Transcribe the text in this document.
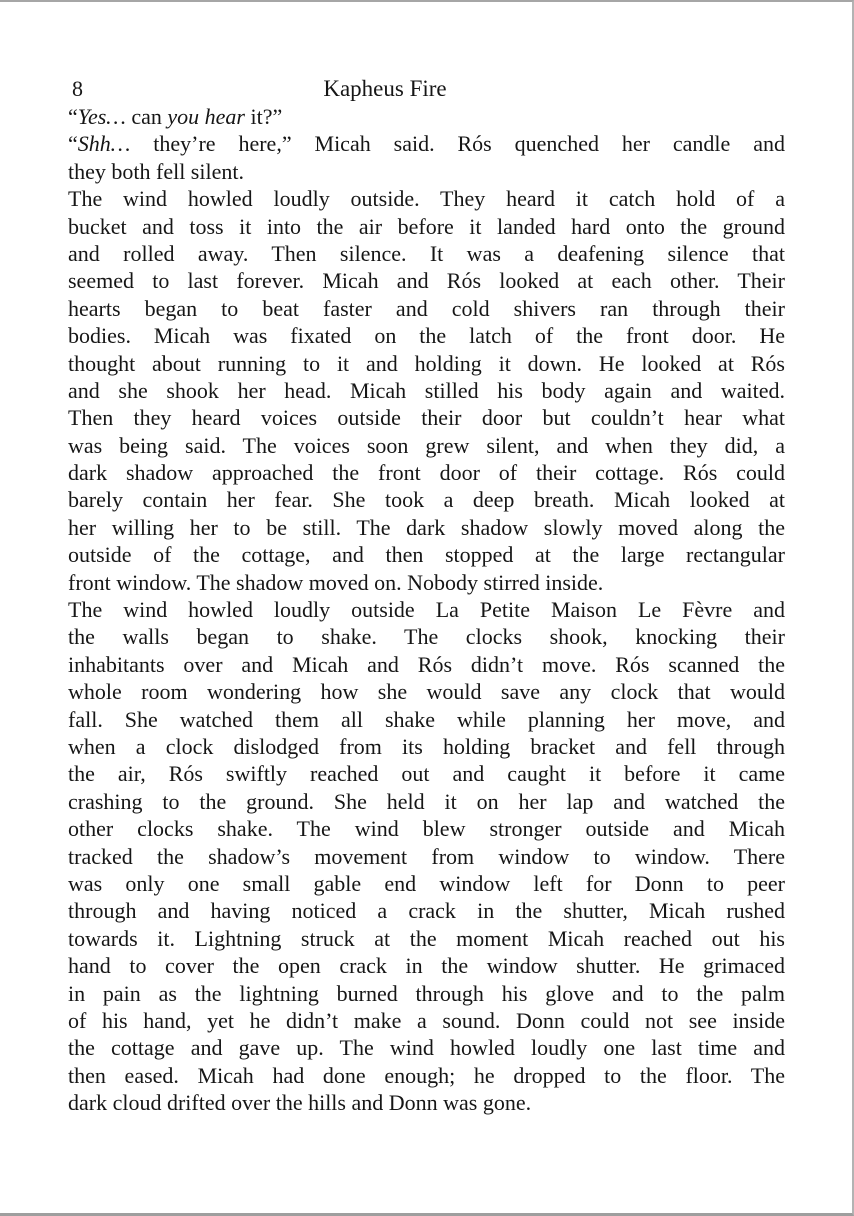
8	Kapheus Fire

“Yes… can you hear it?”

“Shh… they’re here,” Micah said. Rós quenched her candle and

they both fell silent.

The wind howled loudly outside. They heard it catch hold of a

bucket and toss it into the air before it landed hard onto the ground

and rolled away. Then silence. It was a deafening silence that

seemed to last forever. Micah and Rós looked at each other. Their

hearts began to beat faster and cold shivers ran through their

bodies. Micah was fixated on the latch of the front door. He

thought about running to it and holding it down. He looked at Rós

and she shook her head. Micah stilled his body again and waited.

Then they heard voices outside their door but couldn’t hear what

was being said. The voices soon grew silent, and when they did, a

dark shadow approached the front door of their cottage. Rós could

barely contain her fear. She took a deep breath. Micah looked at

her willing her to be still. The dark shadow slowly moved along the

outside of the cottage, and then stopped at the large rectangular

front window. The shadow moved on. Nobody stirred inside.

The wind howled loudly outside La Petite Maison Le Fèvre and

the walls began to shake. The clocks shook, knocking their

inhabitants over and Micah and Rós didn’t move. Rós scanned the

whole room wondering how she would save any clock that would

fall. She watched them all shake while planning her move, and

when a clock dislodged from its holding bracket and fell through

the air, Rós swiftly reached out and caught it before it came

crashing to the ground. She held it on her lap and watched the

other clocks shake. The wind blew stronger outside and Micah

tracked the shadow’s movement from window to window. There

was only one small gable end window left for Donn to peer

through and having noticed a crack in the shutter, Micah rushed

towards it. Lightning struck at the moment Micah reached out his

hand to cover the open crack in the window shutter. He grimaced

in pain as the lightning burned through his glove and to the palm

of his hand, yet he didn’t make a sound. Donn could not see inside

the cottage and gave up. The wind howled loudly one last time and

then eased. Micah had done enough; he dropped to the floor. The

dark cloud drifted over the hills and Donn was gone.
